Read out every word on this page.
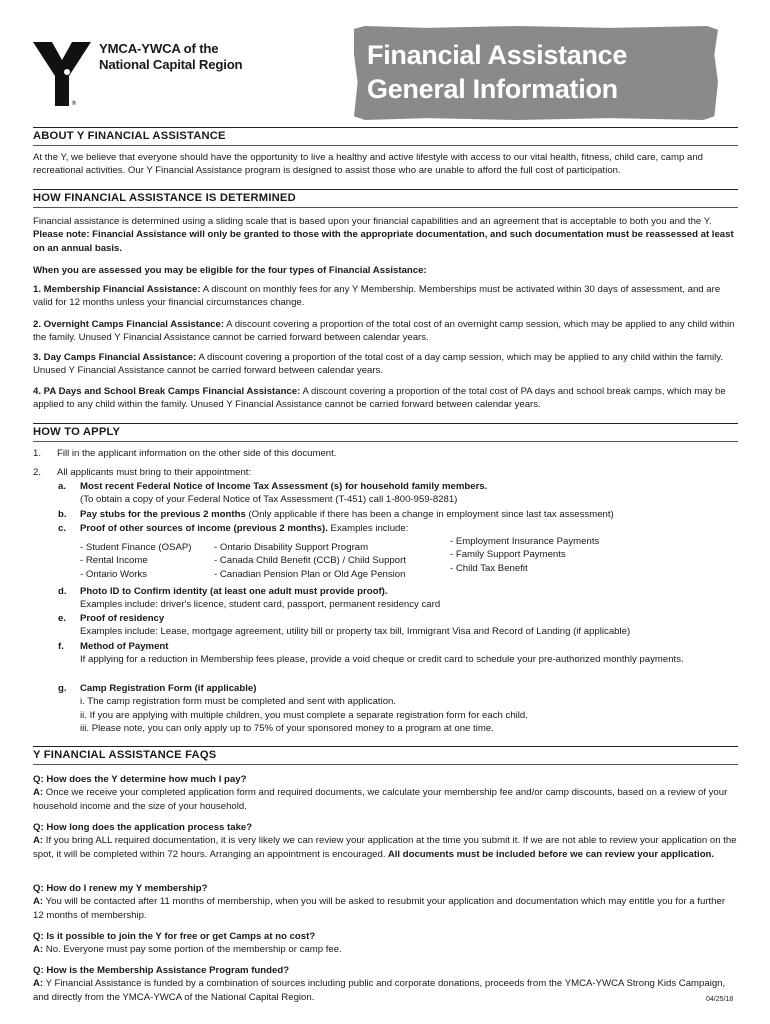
®
YMCA-YWCA of the
National Capital Region	Financial Assistance
General Information
ABOUT Y FINANCIAL ASSISTANCE
At the Y, we believe that everyone should have the opportunity to live a healthy and active lifestyle with access to our vital health, fitness, child care, camp and recreational activities. Our Y Financial Assistance program is designed to assist those who are unable to afford the full cost of participation.
HOW FINANCIAL ASSISTANCE IS DETERMINED
Financial assistance is determined using a sliding scale that is based upon your financial capabilities and an agreement that is acceptable to both you and the Y.  Please note: Financial Assistance will only be granted to those with the appropriate documentation, and such documentation must be reassessed at least on an annual basis.
When you are assessed you may be eligible for the four types of Financial Assistance:
1. Membership Financial Assistance: A discount on monthly fees for any Y Membership. Memberships must be activated within 30 days of assessment, and are valid for 12 months unless your financial circumstances change.
2. Overnight Camps Financial Assistance: A discount covering a proportion of the total cost of an overnight camp session, which may be applied to any child within the family. Unused Y Financial Assistance cannot be carried forward between calendar years.
3. Day Camps Financial Assistance: A discount covering a proportion of the total cost of a day camp session, which may be applied to any child within the family. Unused Y Financial Assistance cannot be carried forward between calendar years.
4. PA Days and School Break Camps Financial Assistance: A discount covering a proportion of the total cost of PA days and school break camps, which may be applied to any child within the family. Unused Y Financial Assistance cannot be carried forward between calendar years.
HOW TO APPLY
1. Fill in the applicant information on the other side of this document.
2. All applicants must bring to their appointment:
a. Most recent Federal Notice of Income Tax Assessment (s) for household family members.
(To obtain a copy of your Federal Notice of Tax Assessment (T-451) call 1-800-959-8281)
b. Pay stubs for the previous 2 months (Only applicable if there has been a change in employment since last tax assessment)
c. Proof of other sources of income (previous 2 months). Examples include:
- Student Finance (OSAP)
- Rental Income
- Ontario Works
- Ontario Disability Support Program
- Canada Child Benefit (CCB) / Child Support
- Canadian Pension Plan or Old Age Pension
- Employment Insurance Payments
- Family Support Payments
- Child Tax Benefit
d. Photo ID to Confirm identity (at least one adult must provide proof).
Examples include: driver's licence, student card, passport, permanent residency card
e. Proof of residency
Examples include: Lease, mortgage agreement, utility bill or property tax bill, Immigrant Visa and Record of Landing (if applicable)
f. Method of Payment
If applying for a reduction in Membership fees please, provide a void cheque or credit card to schedule your pre-authorized monthly payments.
g. Camp Registration Form (if applicable)
i. The camp registration form must be completed and sent with application.
ii. If you are applying with multiple children, you must complete a separate registration form for each child.
iii. Please note, you can only apply up to 75% of your sponsored money to a program at one time.
Y FINANCIAL ASSISTANCE FAQS
Q: How does the Y determine how much I pay?
A: Once we receive your completed application form and required documents, we calculate your membership fee and/or camp discounts, based on a review of your household income and the size of your household.
Q: How long does the application process take?
A: If you bring ALL required documentation, it is very likely we can review your application at the time you submit it. If we are not able to review your application on the spot, it will be completed within 72 hours. Arranging an appointment is encouraged. All documents must be included before we can review your application.
Q: How do I renew my Y membership?
A: You will be contacted after 11 months of membership, when you will be asked to resubmit your application and documentation which may entitle you for a further 12 months of membership.
Q: Is it possible to join the Y for free or get Camps at no cost?
A: No. Everyone must pay some portion of the membership or camp fee.
Q: How is the Membership Assistance Program funded?
A: Y Financial Assistance is funded by a combination of sources including public and corporate donations, proceeds from the YMCA-YWCA Strong Kids Campaign, and directly from the YMCA-YWCA of the National Capital Region.	04/25/18
